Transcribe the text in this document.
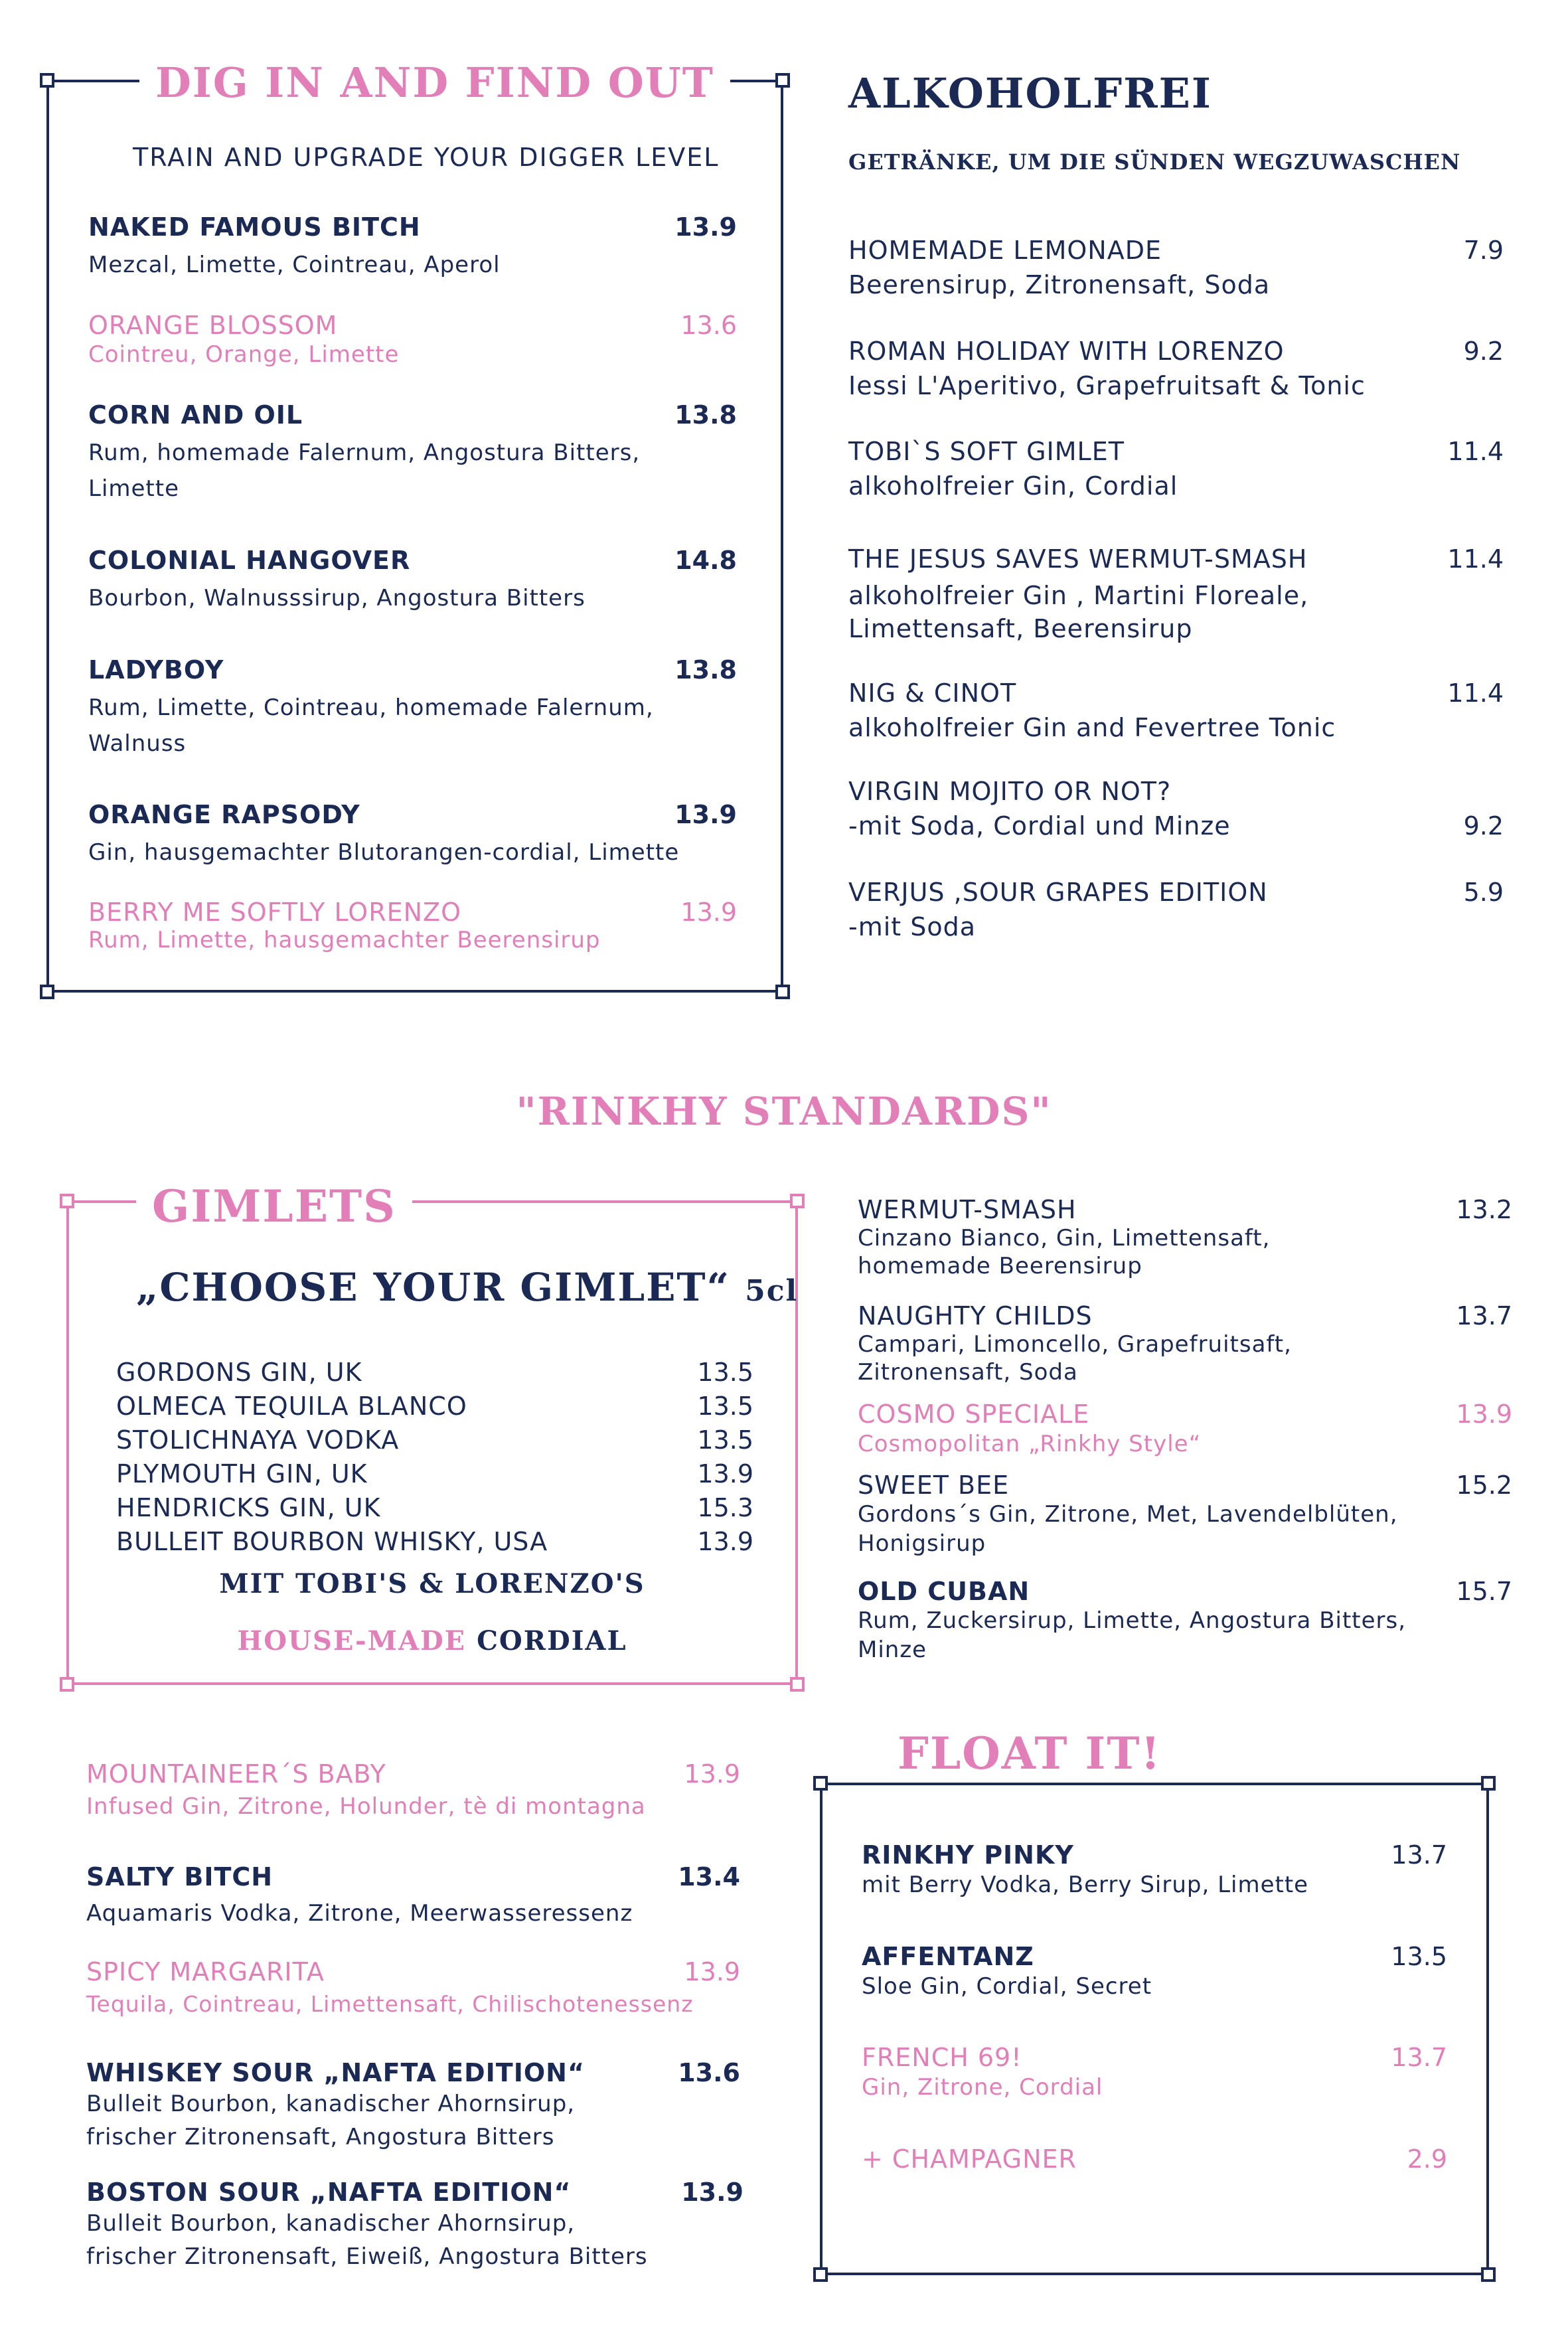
DIG IN AND FIND OUT
TRAIN AND UPGRADE YOUR DIGGER LEVEL
NAKED FAMOUS BITCH
Mezcal, Limette, Cointreau, Aperol
13.9
ORANGE BLOSSOM
Cointreu, Orange, Limette
13.6
CORN AND OIL
Rum, homemade Falernum, Angostura Bitters, Limette
13.8
COLONIAL HANGOVER
Bourbon, Walnusssirup, Angostura Bitters
14.8
LADYBOY
Rum, Limette, Cointreau, homemade Falernum, Walnuss
13.8
ORANGE RAPSODY
Gin, hausgemachter Blutorangen-cordial, Limette
13.9
BERRY ME SOFTLY LORENZO
Rum, Limette, hausgemachter Beerensirup
13.9
ALKOHOLFREI
GETRÄNKE, UM DIE SÜNDEN WEGZUWASCHEN
HOMEMADE LEMONADE
Beerensirup, Zitronensaft, Soda
7.9
ROMAN HOLIDAY WITH LORENZO
Iessi L'Aperitivo, Grapefruitsaft & Tonic
9.2
TOBI`S SOFT GIMLET
alkoholfreier Gin, Cordial
11.4
THE JESUS SAVES WERMUT-SMASH
alkoholfreier Gin , Martini Floreale, Limettensaft, Beerensirup
11.4
NIG & CINOT
alkoholfreier Gin and Fevertree Tonic
11.4
VIRGIN MOJITO OR NOT?
-mit Soda, Cordial und Minze	9.2
VERJUS ,SOUR GRAPES EDITION
-mit Soda
5.9
"RINKHY STANDARDS"
GIMLETS
„CHOOSE YOUR GIMLET“ 5cl
GORDONS GIN, UK	13.5
OLMECA TEQUILA BLANCO	13.5
STOLICHNAYA VODKA	13.5
PLYMOUTH GIN, UK	13.9
HENDRICKS GIN, UK	15.3
BULLEIT BOURBON WHISKY, USA	13.9
MIT TOBI'S & LORENZO'S
HOUSE-MADE CORDIAL
WERMUT-SMASH
Cinzano Bianco, Gin, Limettensaft, homemade Beerensirup
13.2
NAUGHTY CHILDS
Campari, Limoncello, Grapefruitsaft, Zitronensaft, Soda
13.7
COSMO SPECIALE
Cosmopolitan „Rinkhy Style“
13.9
SWEET BEE
Gordons´s Gin, Zitrone, Met, Lavendelblüten, Honigsirup
15.2
OLD CUBAN
Rum, Zuckersirup, Limette, Angostura Bitters, Minze
15.7
MOUNTAINEER´S BABY
Infused Gin, Zitrone, Holunder, tè di montagna
13.9
SALTY BITCH
Aquamaris Vodka, Zitrone, Meerwasseressenz
13.4
SPICY MARGARITA
Tequila, Cointreau, Limettensaft, Chilischotenessenz
13.9
WHISKEY SOUR „NAFTA EDITION“
Bulleit Bourbon, kanadischer Ahornsirup,
frischer Zitronensaft, Angostura Bitters
13.6
BOSTON SOUR „NAFTA EDITION“
Bulleit Bourbon, kanadischer Ahornsirup,
frischer Zitronensaft, Eiweiß, Angostura Bitters
13.9
FLOAT IT!
RINKHY PINKY
mit Berry Vodka, Berry Sirup, Limette
13.7
AFFENTANZ
Sloe Gin, Cordial, Secret
13.5
FRENCH 69!
Gin, Zitrone, Cordial
13.7
+ CHAMPAGNER	2.9
